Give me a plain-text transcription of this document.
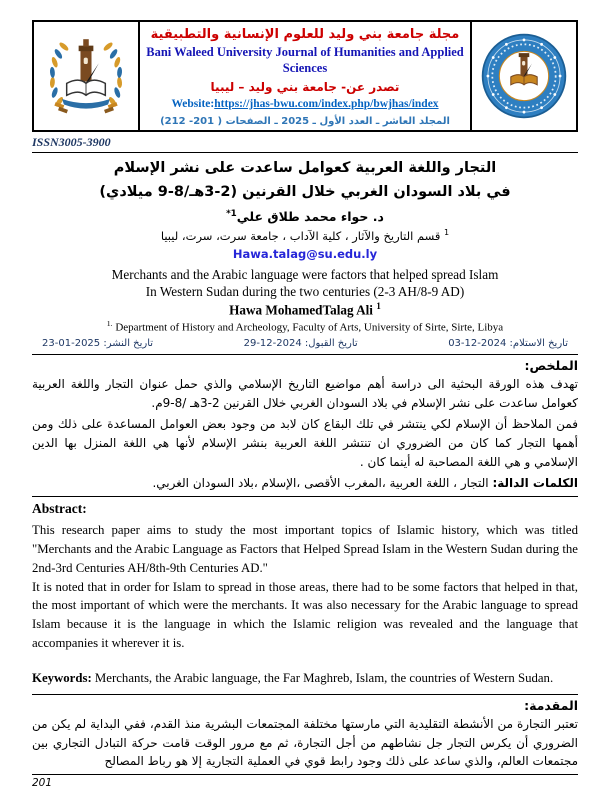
مجلة جامعة بني وليد للعلوم الإنسانية والتطبيقية
Bani Waleed University Journal of Humanities and Applied Sciences
تصدر عن- جامعة بني وليد – ليبيا
Website:https://jhas-bwu.com/index.php/bwjhas/index
المجلد العاشر ـ العدد الأول ـ 2025 ـ الصفحات ( 201- 212)
ISSN3005-3900
التجار واللغة العربية كعوامل ساعدت على نشر الإسلام
في بلاد السودان الغربي خلال القرنين (2-3هـ/8-9 ميلادي)
د. حواء محمد طلاق علي$^{1*}$
$^1$ قسم التاريخ والآثار ، كلية الآداب ، جامعة سرت، سرت، ليبيا
Hawa.talag@su.edu.ly
Merchants and the Arabic language were factors that helped spread Islam
In Western Sudan during the two centuries (2-3 AH/8-9 AD)
Hawa MohamedTalag Ali $^1$
$^{1.}$ Department of History and Archeology, Faculty of Arts, University of Sirte, Sirte, Libya
تاريخ الاستلام: 2024-12-03
تاريخ القبول: 2024-12-29
تاريخ النشر: 2025-01-23
الملخص:

تهدف هذه الورقة البحثية الى دراسة أهم مواضيع التاريخ الإسلامي والذي حمل عنوان التجار واللغة العربية كعوامل ساعدت على نشر الإسلام في بلاد السودان الغربي خلال القرنين 2-3هـ /8-9م.

فمن الملاحظ أن الإسلام لكي ينتشر في تلك البقاع كان لابد من وجود بعض العوامل المساعدة على ذلك ومن أهمها التجار كما كان من الضروري ان تنتشر اللغة العربية بنشر الإسلام لأنها هي اللغة المنزل بها الدين الإسلامي و هي اللغة المصاحبة له أينما كان .

الكلمات الدالة: التجار ، اللغة العربية ،المغرب الأقصى ،الإسلام ،بلاد السودان الغربي.

Abstract:

This research paper aims to study the most important topics of Islamic history, which was titled "Merchants and the Arabic Language as Factors that Helped Spread Islam in the Western Sudan during the 2nd-3rd Centuries AH/8th-9th Centuries AD."

It is noted that in order for Islam to spread in those areas, there had to be some factors that helped in that, the most important of which were the merchants. It was also necessary for the Arabic language to spread Islam because it is the language in which the Islamic religion was revealed and the language that accompanies it wherever it is.

Keywords: Merchants, the Arabic language, the Far Maghreb, Islam, the countries of Western Sudan.

المقدمة:

تعتبر التجارة من الأنشطة التقليدية التي مارستها مختلفة المجتمعات البشرية منذ القدم، ففي البداية لم يكن من الضروري أن يكرس التجار جل نشاطهم من أجل التجارة، ثم مع مرور الوقت قامت حركة التبادل التجاري بين مجتمعات العالم، والذي ساعد على ذلك وجود رابط قوي في العملية التجارية إلا هو رباط المصالح

201
